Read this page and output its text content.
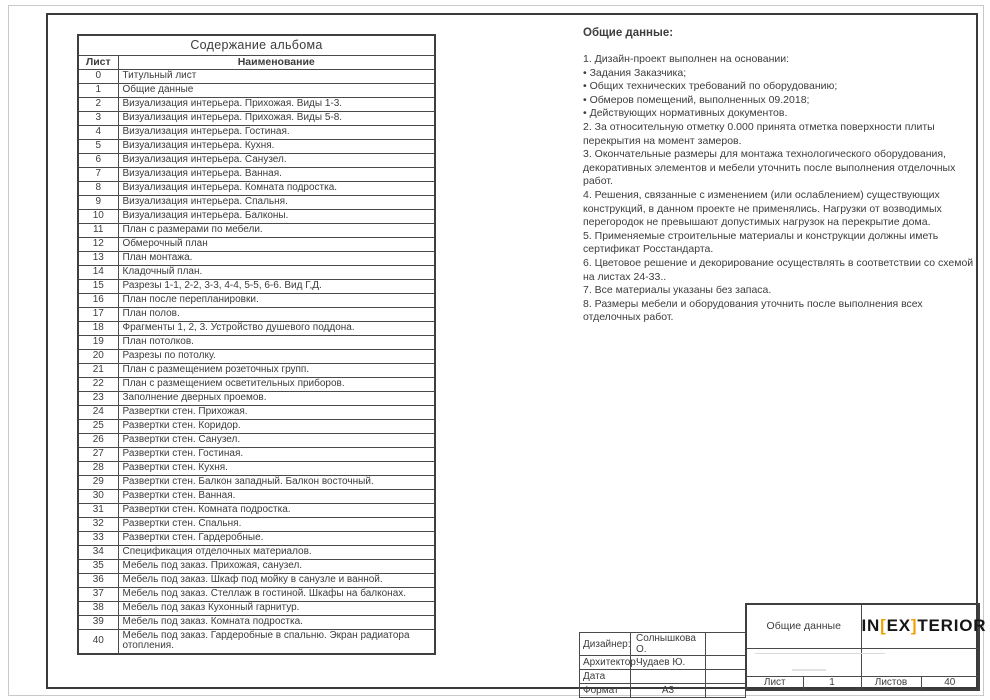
Содержание альбома	
Лист	Наименование
0	Титульный лист
1	Общие данные
2	Визуализация интерьера. Прихожая. Виды 1-3.
3	Визуализация интерьера. Прихожая. Виды 5-8.
4	Визуализация интерьера. Гостиная.
5	Визуализация интерьера. Кухня.
6	Визуализация интерьера. Санузел.
7	Визуализация интерьера. Ванная.
8	Визуализация интерьера. Комната подростка.
9	Визуализация интерьера. Спальня.
10	Визуализация интерьера. Балконы.
11	План с размерами по мебели.
12	Обмерочный план
13	План монтажа.
14	Кладочный план.
15	Разрезы 1-1, 2-2, 3-3, 4-4, 5-5, 6-6. Вид Г,Д.
16	План после перепланировки.
17	План полов.
18	Фрагменты 1, 2, 3. Устройство душевого поддона.
19	План потолков.
20	Разрезы по потолку.
21	План с размещением розеточных групп.
22	План с размещением осветительных приборов.
23	Заполнение дверных проемов.
24	Развертки стен. Прихожая.
25	Развертки стен. Коридор.
26	Развертки стен. Санузел.
27	Развертки стен. Гостиная.
28	Развертки стен. Кухня.
29	Развертки стен. Балкон западный. Балкон восточный.
30	Развертки стен. Ванная.
31	Развертки стен. Комната подростка.
32	Развертки стен. Спальня.
33	Развертки стен. Гардеробные.
34	Спецификация отделочных материалов.
35	Мебель под заказ. Прихожая, санузел.
36	Мебель под заказ. Шкаф под мойку в санузле и ванной.
37	Мебель под заказ. Стеллаж в гостиной. Шкафы на балконах.
38	Мебель под заказ Кухонный гарнитур.
39	Мебель под заказ. Комната подростка.
40	Мебель под заказ. Гардеробные в спальню. Экран радиатора отопления.
Общие данные:
1. Дизайн-проект выполнен на основании:
• Задания Заказчика;
• Общих технических требований по оборудованию;
• Обмеров помещений, выполненных 09.2018;
• Действующих нормативных документов.
2. За относительную отметку 0.000 принята отметка поверхности плиты перекрытия на момент замеров.
3. Окончательные размеры для монтажа технологического оборудования, декоративных элементов и мебели уточнить после выполнения отделочных работ.
4. Решения, связанные с изменением (или ослаблением) существующих конструкций, в данном проекте не применялись. Нагрузки от возводимых перегородок не превышают допустимых нагрузок на перекрытие дома.
5. Применяемые строительные материалы и конструкции должны иметь сертификат Росстандарта.
6. Цветовое решение и декорирование осуществлять в соответствии со схемой на листах 24-33..
7. Все материалы указаны без запаса.
8. Размеры мебели и оборудования уточнить после выполнения всех отделочных работ.
Дизайнер:	Солнышкова О.	
Архитектор:	Чудаев Ю.	
Дата		
Формат	А3	
Общие данные		IN[EX]TERIOR	

Лист	1	Листов	40
